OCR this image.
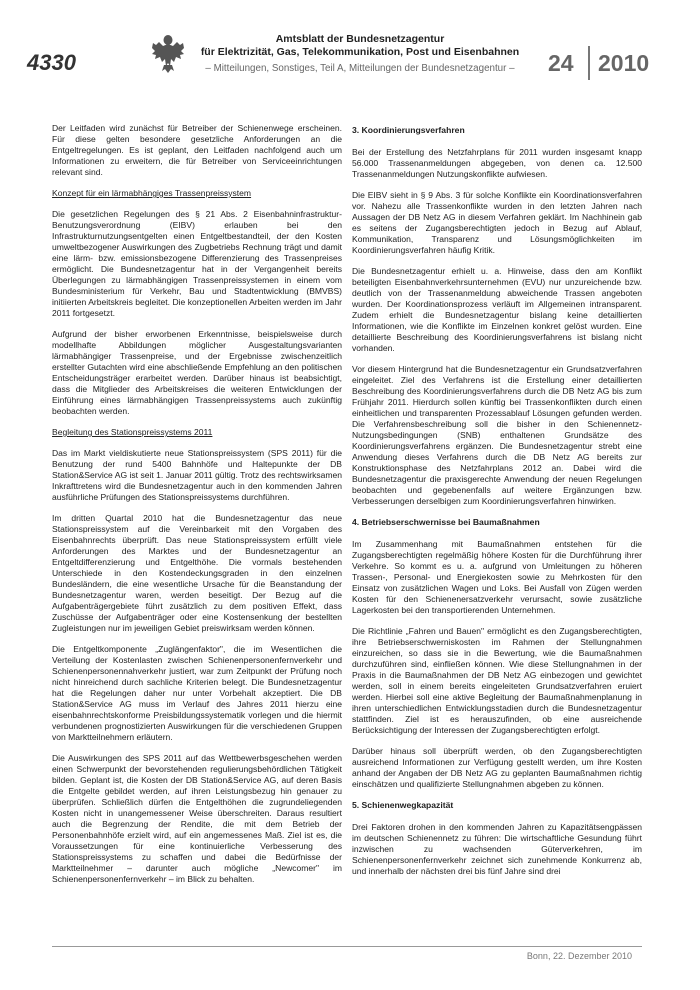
4330
Amtsblatt der Bundesnetzagentur
für Elektrizität, Gas, Telekommunikation, Post und Eisenbahnen
– Mitteilungen, Sonstiges, Teil A, Mitteilungen der Bundesnetzagentur – 24 2010

Der Leitfaden wird zunächst für Betreiber der Schienenwege erscheinen. Für diese gelten besondere gesetzliche Anforderungen an die Entgeltregelungen. Es ist geplant, den Leitfaden nachfolgend auch um Informationen zu erweitern, die für Betreiber von Serviceeinrichtungen relevant sind.

Konzept für ein lärmabhängiges Trassenpreissystem

Die gesetzlichen Regelungen des § 21 Abs. 2 Eisenbahninfrastruktur-Benutzungsverordnung (EIBV) erlauben bei den Infrastrukturnutzungsentgelten einen Entgeltbestandteil, der den Kosten umweltbezogener Auswirkungen des Zugbetriebs Rechnung trägt und damit eine lärm- bzw. emissionsbezogene Differenzierung des Trassenpreises ermöglicht. Die Bundesnetzagentur hat in der Vergangenheit bereits Überlegungen zu lärmabhängigen Trassenpreissystemen in einem vom Bundesministerium für Verkehr, Bau und Stadtentwicklung (BMVBS) initiierten Arbeitskreis begleitet. Die konzeptionellen Arbeiten werden im Jahr 2011 fortgesetzt.

Aufgrund der bisher erworbenen Erkenntnisse, beispielsweise durch modellhafte Abbildungen möglicher Ausgestaltungsvarianten lärmabhängiger Trassenpreise, und der Ergebnisse zwischenzeitlich erstellter Gutachten wird eine abschließende Empfehlung an den politischen Entscheidungsträger erarbeitet werden. Darüber hinaus ist beabsichtigt, dass die Mitglieder des Arbeitskreises die weiteren Entwicklungen der Einführung eines lärmabhängigen Trassenpreissystems auch zukünftig beobachten werden.

Begleitung des Stationspreissystems 2011

Das im Markt vieldiskutierte neue Stationspreissystem (SPS 2011) für die Benutzung der rund 5400 Bahnhöfe und Haltepunkte der DB Station&Service AG ist seit 1. Januar 2011 gültig. Trotz des rechtswirksamen Inkrafttretens wird die Bundesnetzagentur auch in den kommenden Jahren ausführliche Prüfungen des Stationspreissystems durchführen.

Im dritten Quartal 2010 hat die Bundesnetzagentur das neue Stationspreissystem auf die Vereinbarkeit mit den Vorgaben des Eisenbahnrechts überprüft. Das neue Stationspreissystem erfüllt viele Anforderungen des Marktes und der Bundesnetzagentur an Entgeltdifferenzierung und Entgelthöhe. Die vormals bestehenden Unterschiede in den Kostendeckungsgraden in den einzelnen Bundesländern, die eine wesentliche Ursache für die Beanstandung der Bundesnetzagentur waren, werden beseitigt. Der Bezug auf die Aufgabenträgergebiete führt zusätzlich zu dem positiven Effekt, dass Zuschüsse der Aufgabenträger oder eine Kostensenkung der bestellten Zugleistungen nur im jeweiligen Gebiet preiswirksam werden können.

Die Entgeltkomponente „Zuglängenfaktor", die im Wesentlichen die Verteilung der Kostenlasten zwischen Schienenpersonenfernverkehr und Schienenpersonennahverkehr justiert, war zum Zeitpunkt der Prüfung noch nicht hinreichend durch sachliche Kriterien belegt. Die Bundesnetzagentur hat die Regelungen daher nur unter Vorbehalt akzeptiert. Die DB Station&Service AG muss im Verlauf des Jahres 2011 hierzu eine eisenbahnrechtskonforme Preisbildungssystematik vorlegen und die hiermit verbundenen prognostizierten Auswirkungen für die verschiedenen Gruppen von Marktteilnehmern erläutern.

Die Auswirkungen des SPS 2011 auf das Wettbewerbsgeschehen werden einen Schwerpunkt der bevorstehenden regulierungsbehördlichen Tätigkeit bilden. Geplant ist, die Kosten der DB Station&Service AG, auf deren Basis die Entgelte gebildet werden, auf ihren Leistungsbezug hin genauer zu überprüfen. Schließlich dürfen die Entgelthöhen die zugrundeliegenden Kosten nicht in unangemessener Weise überschreiten. Daraus resultiert auch die Begrenzung der Rendite, die mit dem Betrieb der Personenbahnhöfe erzielt wird, auf ein angemessenes Maß. Ziel ist es, die Voraussetzungen für eine kontinuierliche Verbesserung des Stationspreissystems zu schaffen und dabei die Bedürfnisse der Marktteilnehmer – darunter auch mögliche „Newcomer" im Schienenpersonenfernverkehr – im Blick zu behalten.

3. Koordinierungsverfahren

Bei der Erstellung des Netzfahrplans für 2011 wurden insgesamt knapp 56.000 Trassenanmeldungen abgegeben, von denen ca. 12.500 Trassenanmeldungen Nutzungskonflikte aufwiesen.

Die EIBV sieht in § 9 Abs. 3 für solche Konflikte ein Koordinationsverfahren vor. Nahezu alle Trassenkonflikte wurden in den letzten Jahren nach Aussagen der DB Netz AG in diesem Verfahren geklärt. Im Nachhinein gab es seitens der Zugangsberechtigten jedoch in Bezug auf Ablauf, Kommunikation, Transparenz und Lösungsmöglichkeiten im Koordinierungsverfahren häufig Kritik.

Die Bundesnetzagentur erhielt u. a. Hinweise, dass den am Konflikt beteiligten Eisenbahnverkehrsunternehmen (EVU) nur unzureichende bzw. deutlich von der Trassenanmeldung abweichende Trassen angeboten wurden. Der Koordinationsprozess verläuft im Allgemeinen intransparent. Zudem erhielt die Bundesnetzagentur bislang keine detaillierten Informationen, wie die Konflikte im Einzelnen konkret gelöst wurden. Eine detaillierte Beschreibung des Koordinierungsverfahrens ist bislang nicht vorhanden.

Vor diesem Hintergrund hat die Bundesnetzagentur ein Grundsatzverfahren eingeleitet. Ziel des Verfahrens ist die Erstellung einer detaillierten Beschreibung des Koordinierungsverfahrens durch die DB Netz AG bis zum Frühjahr 2011. Hierdurch sollen künftig bei Trassenkonflikten durch einen einheitlichen und transparenten Prozessablauf Lösungen gefunden werden. Die Verfahrensbeschreibung soll die bisher in den Schienennetz-Nutzungsbedingungen (SNB) enthaltenen Grundsätze des Koordinierungsverfahrens ergänzen. Die Bundesnetzagentur strebt eine Anwendung dieses Verfahrens durch die DB Netz AG bereits zur Konstruktionsphase des Netzfahrplans 2012 an. Dabei wird die Bundesnetzagentur die praxisgerechte Anwendung der neuen Regelungen beobachten und gegebenenfalls auf weitere Ergänzungen bzw. Verbesserungen derselbigen zum Koordinierungsverfahren hinwirken.

4. Betriebserschwernisse bei Baumaßnahmen

Im Zusammenhang mit Baumaßnahmen entstehen für die Zugangsberechtigten regelmäßig höhere Kosten für die Durchführung ihrer Verkehre. So kommt es u. a. aufgrund von Umleitungen zu höheren Trassen-, Personal- und Energiekosten sowie zu Mehrkosten für den Einsatz von zusätzlichen Wagen und Loks. Bei Ausfall von Zügen werden Kosten für den Schienenersatzverkehr verursacht, sowie zusätzliche Lagerkosten bei den transportierenden Unternehmen.

Die Richtlinie „Fahren und Bauen" ermöglicht es den Zugangsberechtigten, ihre Betriebserschwerniskosten im Rahmen der Stellungnahmen einzureichen, so dass sie in die Bewertung, wie die Baumaßnahmen durchzuführen sind, einfließen können. Wie diese Stellungnahmen in der Praxis in die Baumaßnahmen der DB Netz AG einbezogen und gewichtet werden, soll in einem bereits eingeleiteten Grundsatzverfahren eruiert werden. Hierbei soll eine aktive Begleitung der Baumaßnahmenplanung in ihren unterschiedlichen Entwicklungsstadien durch die Bundesnetzagentur stattfinden. Ziel ist es herauszufinden, ob eine ausreichende Berücksichtigung der Interessen der Zugangsberechtigten erfolgt.

Darüber hinaus soll überprüft werden, ob den Zugangsberechtigten ausreichend Informationen zur Verfügung gestellt werden, um ihre Kosten anhand der Angaben der DB Netz AG zu geplanten Baumaßnahmen richtig einschätzen und qualifizierte Stellungnahmen abgeben zu können.

5. Schienenwegkapazität

Drei Faktoren drohen in den kommenden Jahren zu Kapazitätsengpässen im deutschen Schienennetz zu führen: Die wirtschaftliche Gesundung führt inzwischen zu wachsenden Güterverkehren, im Schienenpersonenfernverkehr zeichnet sich zunehmende Konkurrenz ab, und innerhalb der nächsten drei bis fünf Jahre sind drei

Bonn, 22. Dezember 2010
